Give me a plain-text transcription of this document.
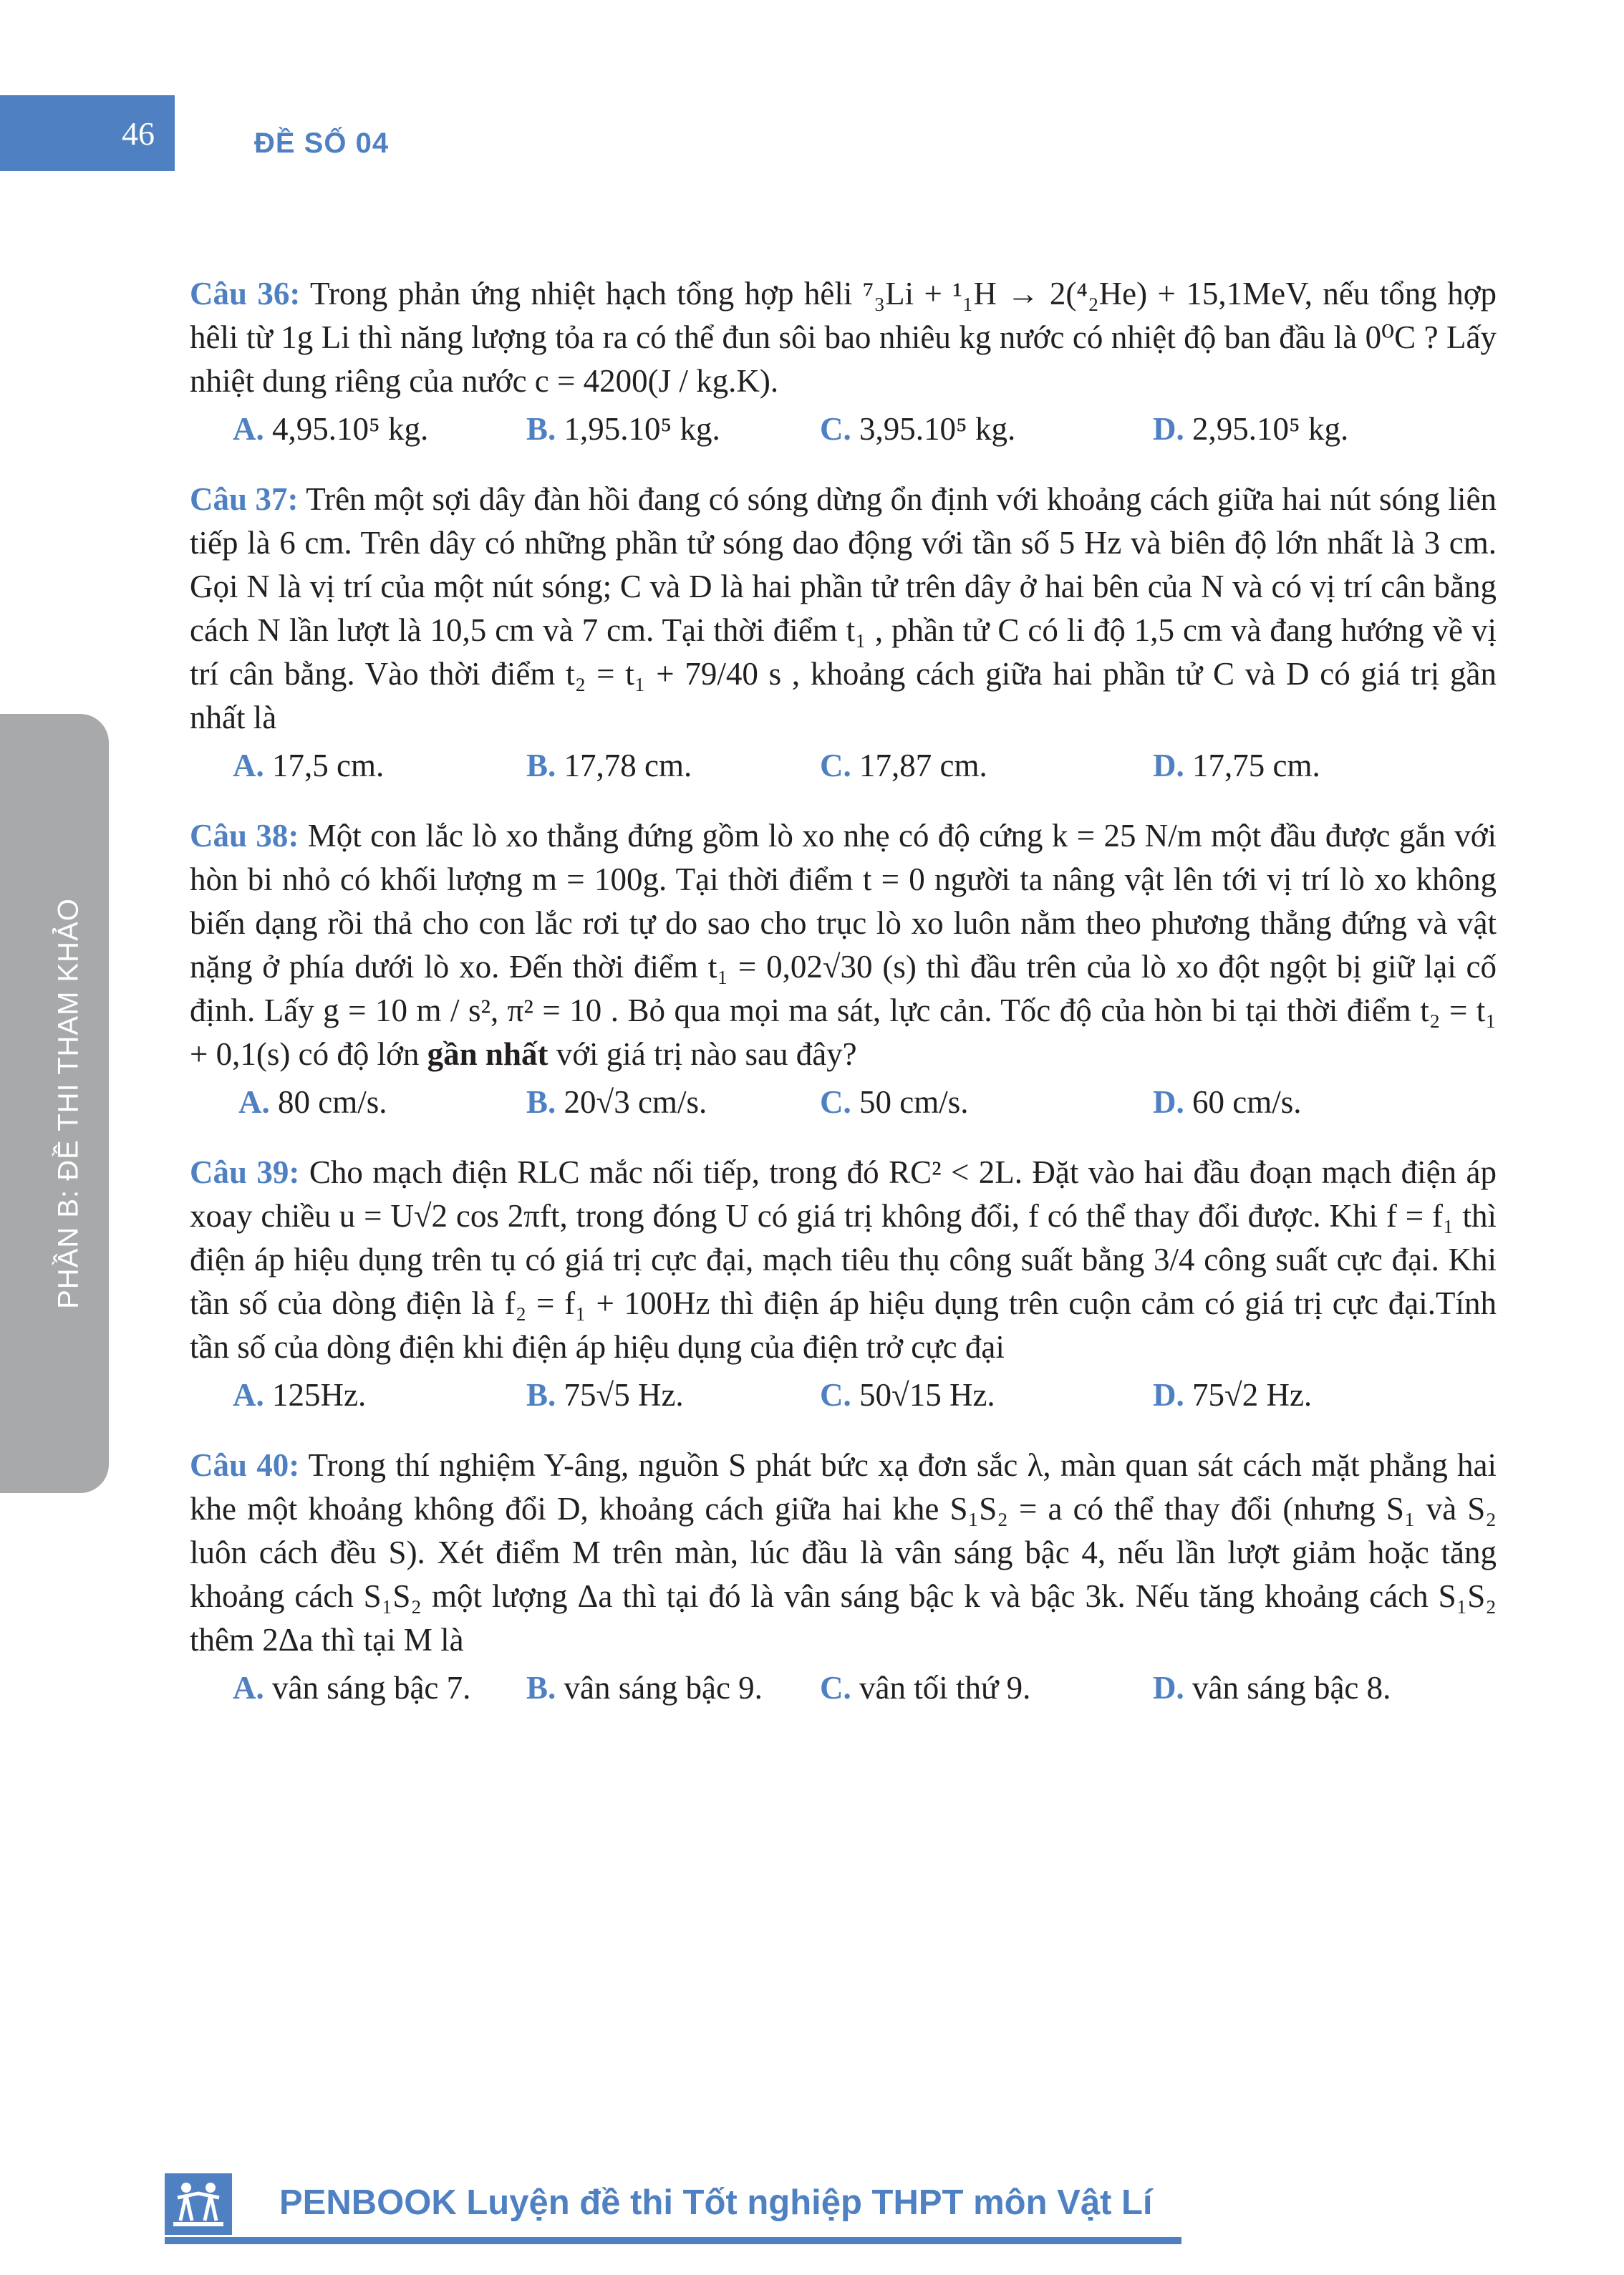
46	ĐỀ SỐ 04
PHẦN B: ĐỀ THI THAM KHẢO

Câu 36: Trong phản ứng nhiệt hạch tổng hợp hêli ⁷₃Li + ¹₁H → 2(⁴₂He) + 15,1MeV, nếu tổng hợp hêli từ 1g Li thì năng lượng tỏa ra có thể đun sôi bao nhiêu kg nước có nhiệt độ ban đầu là 0⁰C ? Lấy nhiệt dung riêng của nước c = 4200(J / kg.K).

A. 4,95.10⁵ kg.	B. 1,95.10⁵ kg.	C. 3,95.10⁵ kg.	D. 2,95.10⁵ kg.

Câu 37: Trên một sợi dây đàn hồi đang có sóng dừng ổn định với khoảng cách giữa hai nút sóng liên tiếp là 6 cm. Trên dây có những phần tử sóng dao động với tần số 5 Hz và biên độ lớn nhất là 3 cm. Gọi N là vị trí của một nút sóng; C và D là hai phần tử trên dây ở hai bên của N và có vị trí cân bằng cách N lần lượt là 10,5 cm và 7 cm. Tại thời điểm t₁ , phần tử C có li độ 1,5 cm và đang hướng về vị trí cân bằng. Vào thời điểm t₂ = t₁ + 79/40 s , khoảng cách giữa hai phần tử C và D có giá trị gần nhất là

A. 17,5 cm.	B. 17,78 cm.	C. 17,87 cm.	D. 17,75 cm.

Câu 38: Một con lắc lò xo thẳng đứng gồm lò xo nhẹ có độ cứng k = 25 N/m một đầu được gắn với hòn bi nhỏ có khối lượng m = 100g. Tại thời điểm t = 0 người ta nâng vật lên tới vị trí lò xo không biến dạng rồi thả cho con lắc rơi tự do sao cho trục lò xo luôn nằm theo phương thẳng đứng và vật nặng ở phía dưới lò xo. Đến thời điểm t₁ = 0,02√30 (s) thì đầu trên của lò xo đột ngột bị giữ lại cố định. Lấy g = 10 m / s², π² = 10 . Bỏ qua mọi ma sát, lực cản. Tốc độ của hòn bi tại thời điểm t₂ = t₁ + 0,1(s) có độ lớn gần nhất với giá trị nào sau đây?

A. 80 cm/s.	B. 20√3 cm/s.	C. 50 cm/s.	D. 60 cm/s.

Câu 39: Cho mạch điện RLC mắc nối tiếp, trong đó RC² < 2L. Đặt vào hai đầu đoạn mạch điện áp xoay chiều u = U√2 cos 2πft, trong đóng U có giá trị không đổi, f có thể thay đổi được. Khi f = f₁ thì điện áp hiệu dụng trên tụ có giá trị cực đại, mạch tiêu thụ công suất bằng 3/4 công suất cực đại. Khi tần số của dòng điện là f₂ = f₁ + 100Hz thì điện áp hiệu dụng trên cuộn cảm có giá trị cực đại.Tính tần số của dòng điện khi điện áp hiệu dụng của điện trở cực đại

A. 125Hz.	B. 75√5 Hz.	C. 50√15 Hz.	D. 75√2 Hz.

Câu 40: Trong thí nghiệm Y-âng, nguồn S phát bức xạ đơn sắc λ, màn quan sát cách mặt phẳng hai khe một khoảng không đổi D, khoảng cách giữa hai khe S₁S₂ = a có thể thay đổi (nhưng S₁ và S₂ luôn cách đều S). Xét điểm M trên màn, lúc đầu là vân sáng bậc 4, nếu lần lượt giảm hoặc tăng khoảng cách S₁S₂ một lượng Δa thì tại đó là vân sáng bậc k và bậc 3k. Nếu tăng khoảng cách S₁S₂ thêm 2Δa thì tại M là

A. vân sáng bậc 7. B. vân sáng bậc 9. C. vân tối thứ 9.	D. vân sáng bậc 8.
PENBOOK Luyện đề thi Tốt nghiệp THPT môn Vật Lí
